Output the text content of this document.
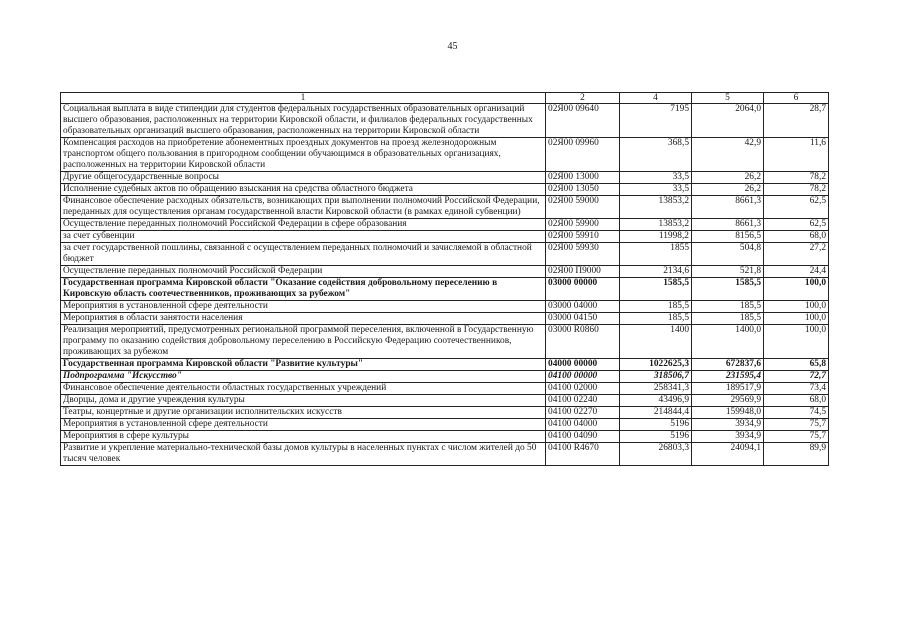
45
1	2	4	5	6
Социальная выплата в виде стипендии для студентов федеральных государственных образовательных организаций высшего образования, расположенных на территории Кировской области, и филиалов федеральных государственных образовательных организаций высшего образования, расположенных на территории Кировской области	02Я00 09640	7195	2064,0	28,7
Компенсация расходов на приобретение абонементных проездных документов на проезд железнодорожным транспортом общего пользования в пригородном сообщении обучающимся в образовательных организациях, расположенных на территории Кировской области	02Я00 09960	368,5	42,9	11,6
Другие общегосударственные вопросы	02Я00 13000	33,5	26,2	78,2
Исполнение судебных актов по обращению взыскания на средства областного бюджета	02Я00 13050	33,5	26,2	78,2
Финансовое обеспечение расходных обязательств, возникающих при выполнении полномочий Российской Федерации, переданных для осуществления органам государственной власти Кировской области (в рамках единой субвенции)	02Я00 59000	13853,2	8661,3	62,5
Осуществление переданных полномочий Российской Федерации в сфере образования	02Я00 59900	13853,2	8661,3	62,5
за счет субвенции	02Я00 59910	11998,2	8156,5	68,0
за счет государственной пошлины, связанной с осуществлением переданных полномочий и зачисляемой в областной бюджет	02Я00 59930	1855	504,8	27,2
Осуществление переданных полномочий Российской Федерации	02Я00 П9000	2134,6	521,8	24,4
Государственная программа Кировской области "Оказание содействия добровольному переселению в Кировскую область соотечественников, проживающих за рубежом"	03000 00000	1585,5	1585,5	100,0
Мероприятия в установленной сфере деятельности	03000 04000	185,5	185,5	100,0
Мероприятия в области занятости населения	03000 04150	185,5	185,5	100,0
Реализация мероприятий, предусмотренных региональной программой переселения, включенной в Государственную программу по оказанию содействия добровольному переселению в Российскую Федерацию соотечественников, проживающих за рубежом	03000 R0860	1400	1400,0	100,0
Государственная программа Кировской области "Развитие культуры"	04000 00000	1022625,3	672837,6	65,8
Подпрограмма "Искусство"	04100 00000	318506,7	231595,4	72,7
Финансовое обеспечение деятельности областных государственных учреждений	04100 02000	258341,3	189517,9	73,4
Дворцы, дома и другие учреждения культуры	04100 02240	43496,9	29569,9	68,0
Театры, концертные и другие организации исполнительских искусств	04100 02270	214844,4	159948,0	74,5
Мероприятия в установленной сфере деятельности	04100 04000	5196	3934,9	75,7
Мероприятия в сфере культуры	04100 04090	5196	3934,9	75,7
Развитие и укрепление материально-технической базы домов культуры в населенных пунктах с числом жителей до 50 тысяч человек	04100 R4670	26803,3	24094,1	89,9
